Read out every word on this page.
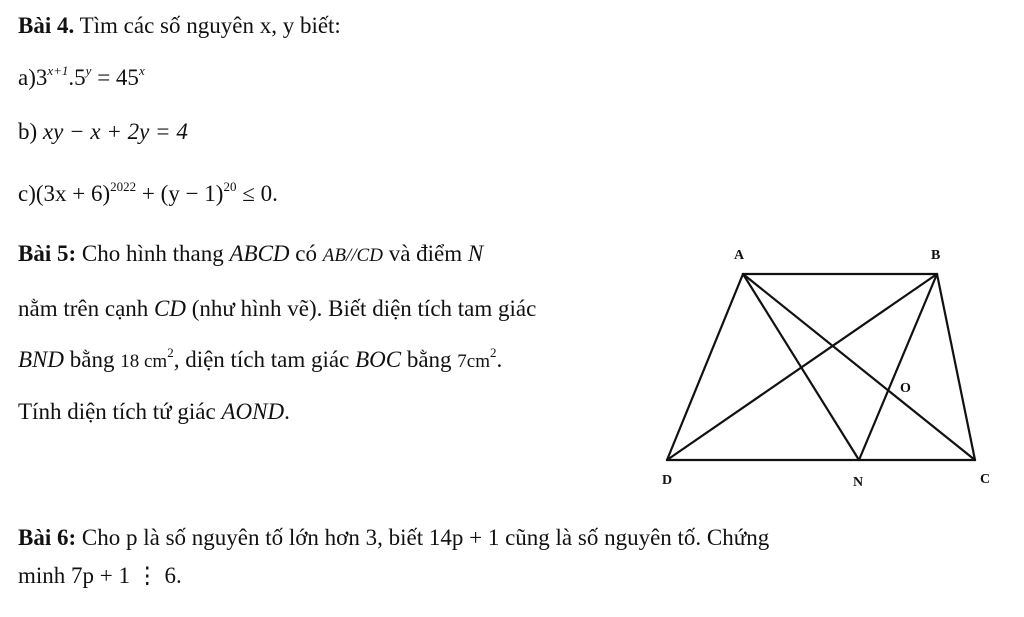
Bài 4. Tìm các số nguyên x, y biết:
$a)3^{x+1}.5^y = 45^x$
b) xy − x + 2y = 4
$c)(3x + 6)^{2022} + (y - 1)^{20} \le 0$.
Bài 5: Cho hình thang ABCD có AB//CD và điểm N
nằm trên cạnh CD (như hình vẽ). Biết diện tích tam giác
BND bằng 18 $cm^2$, diện tích tam giác BOC bằng $7cm^2$.
Tính diện tích tứ giác AOND.
A	B
O
D	N	C
Bài 6: Cho p là số nguyên tố lớn hơn 3, biết 14p + 1 cũng là số nguyên tố. Chứng
minh 7p + 1 ⋮ 6.
